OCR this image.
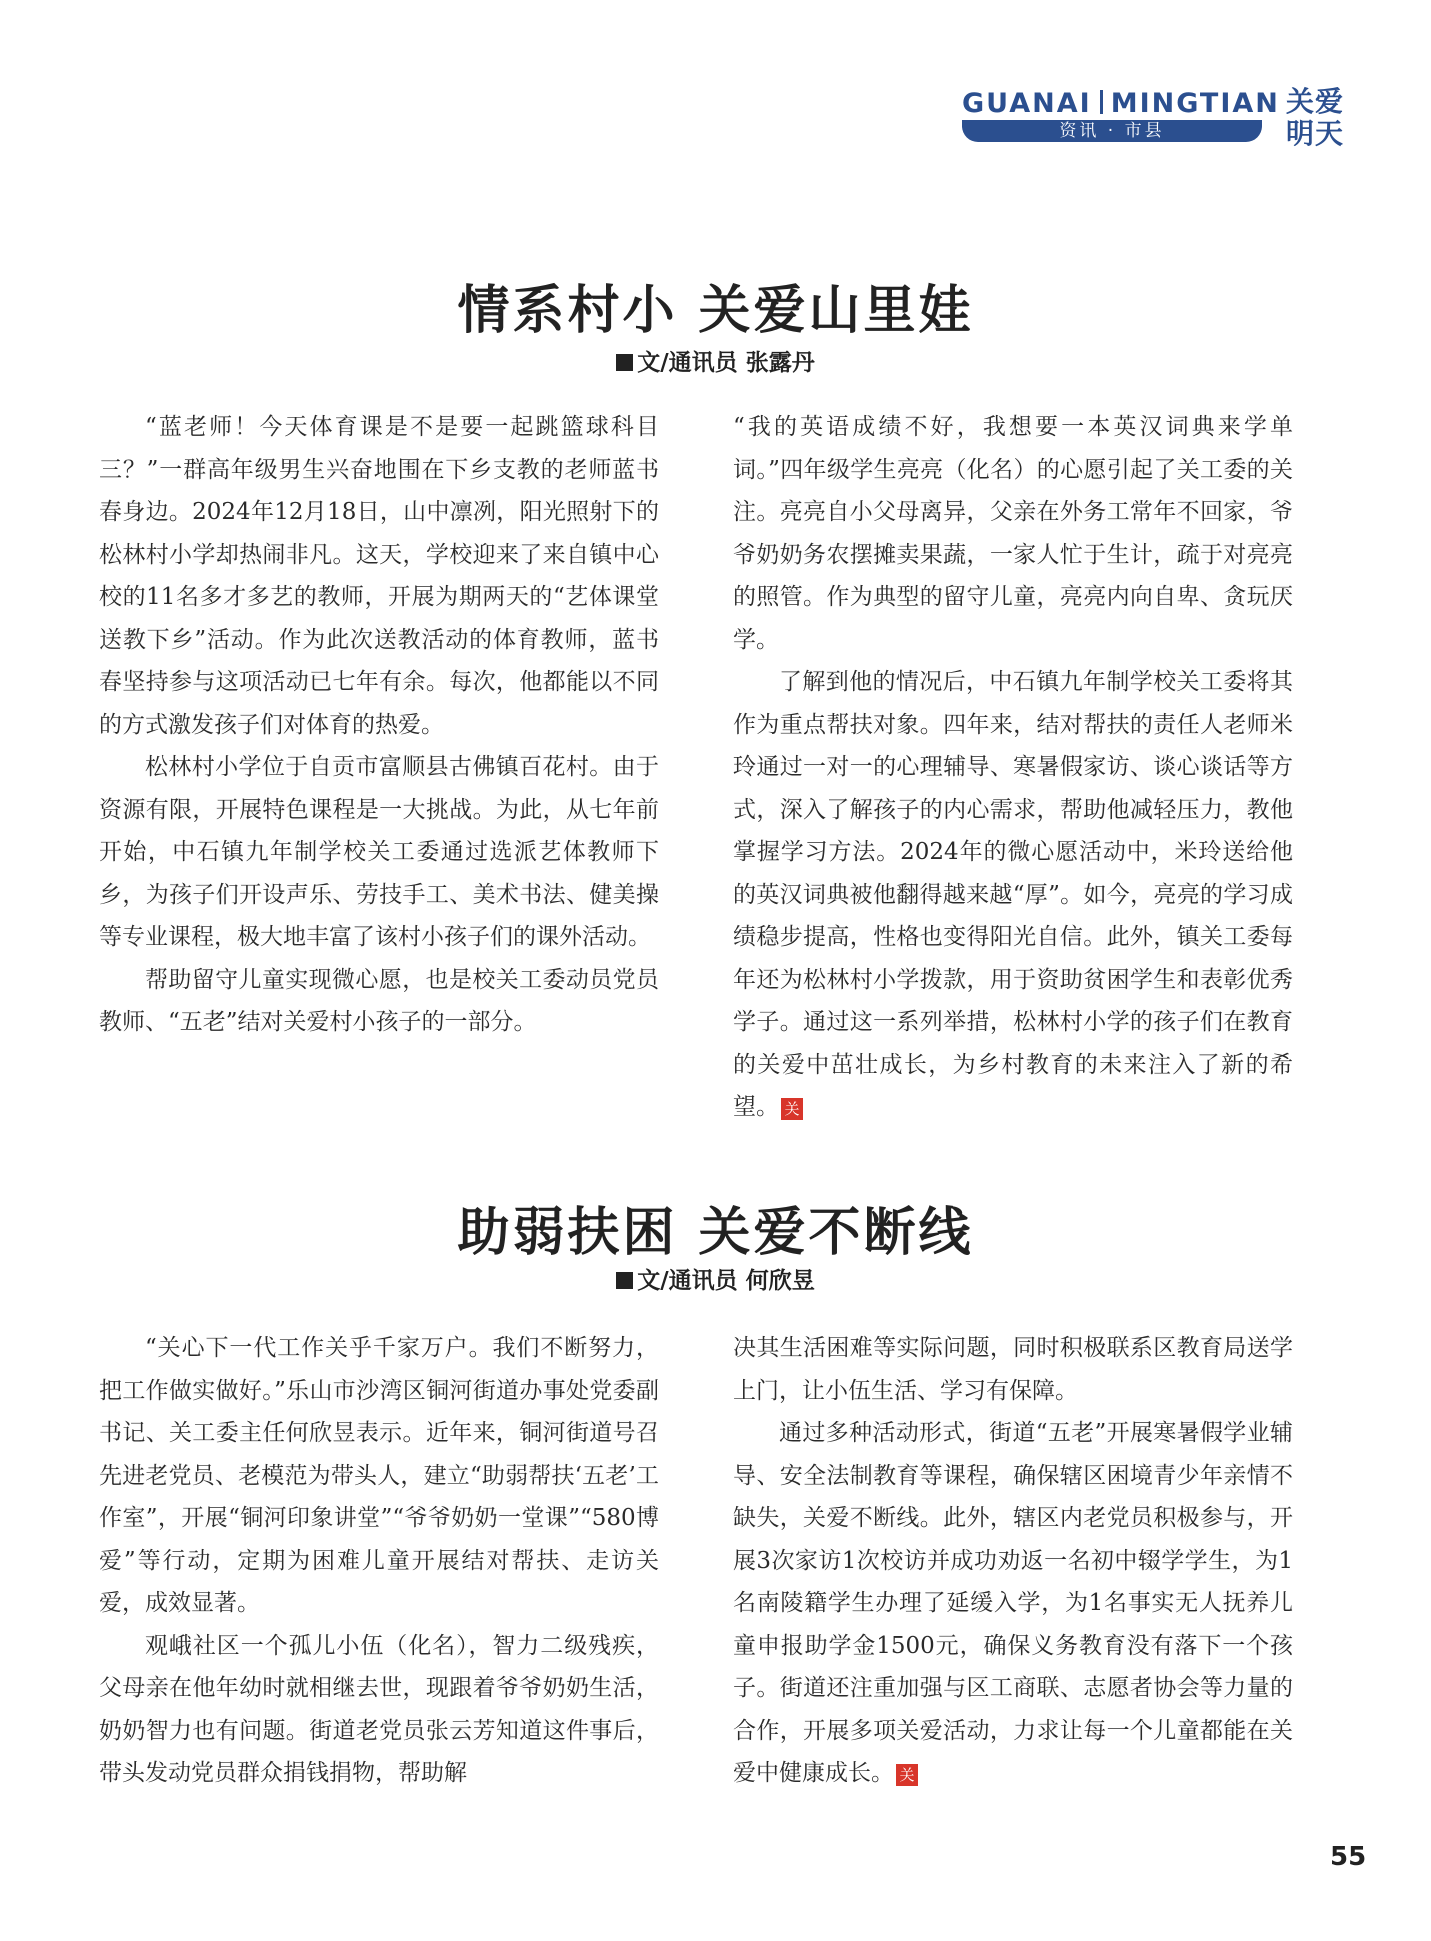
GUANAI MINGTIAN
资讯 · 市县
关爱
明天
情系村小 关爱山里娃
文/通讯员 张露丹

“蓝老师！今天体育课是不是要一起跳篮球科目三？”一群高年级男生兴奋地围在下乡支教的老师蓝书春身边。2024年12月18日，山中凛冽，阳光照射下的松林村小学却热闹非凡。这天，学校迎来了来自镇中心校的11名多才多艺的教师，开展为期两天的“艺体课堂送教下乡”活动。作为此次送教活动的体育教师，蓝书春坚持参与这项活动已七年有余。每次，他都能以不同的方式激发孩子们对体育的热爱。

松林村小学位于自贡市富顺县古佛镇百花村。由于资源有限，开展特色课程是一大挑战。为此，从七年前开始，中石镇九年制学校关工委通过选派艺体教师下乡，为孩子们开设声乐、劳技手工、美术书法、健美操等专业课程，极大地丰富了该村小孩子们的课外活动。

帮助留守儿童实现微心愿，也是校关工委动员党员教师、“五老”结对关爱村小孩子的一部分。

“我的英语成绩不好，我想要一本英汉词典来学单词。”四年级学生亮亮（化名）的心愿引起了关工委的关注。亮亮自小父母离异，父亲在外务工常年不回家，爷爷奶奶务农摆摊卖果蔬，一家人忙于生计，疏于对亮亮的照管。作为典型的留守儿童，亮亮内向自卑、贪玩厌学。

了解到他的情况后，中石镇九年制学校关工委将其作为重点帮扶对象。四年来，结对帮扶的责任人老师米玲通过一对一的心理辅导、寒暑假家访、谈心谈话等方式，深入了解孩子的内心需求，帮助他减轻压力，教他掌握学习方法。2024年的微心愿活动中，米玲送给他的英汉词典被他翻得越来越“厚”。如今，亮亮的学习成绩稳步提高，性格也变得阳光自信。此外，镇关工委每年还为松林村小学拨款，用于资助贫困学生和表彰优秀学子。通过这一系列举措，松林村小学的孩子们在教育的关爱中茁壮成长，为乡村教育的未来注入了新的希望。 关

助弱扶困 关爱不断线
文/通讯员 何欣昱

“关心下一代工作关乎千家万户。我们不断努力，把工作做实做好。”乐山市沙湾区铜河街道办事处党委副书记、关工委主任何欣昱表示。近年来，铜河街道号召先进老党员、老模范为带头人，建立“助弱帮扶‘五老’工作室”，开展“铜河印象讲堂”“爷爷奶奶一堂课”“580博爱”等行动，定期为困难儿童开展结对帮扶、走访关爱，成效显著。

观峨社区一个孤儿小伍（化名），智力二级残疾，父母亲在他年幼时就相继去世，现跟着爷爷奶奶生活，奶奶智力也有问题。街道老党员张云芳知道这件事后，带头发动党员群众捐钱捐物，帮助解

决其生活困难等实际问题，同时积极联系区教育局送学上门，让小伍生活、学习有保障。

通过多种活动形式，街道“五老”开展寒暑假学业辅导、安全法制教育等课程，确保辖区困境青少年亲情不缺失，关爱不断线。此外，辖区内老党员积极参与，开展3次家访1次校访并成功劝返一名初中辍学学生，为1名南陵籍学生办理了延缓入学，为1名事实无人抚养儿童申报助学金1500元，确保义务教育没有落下一个孩子。街道还注重加强与区工商联、志愿者协会等力量的合作，开展多项关爱活动，力求让每一个儿童都能在关爱中健康成长。 关

55
